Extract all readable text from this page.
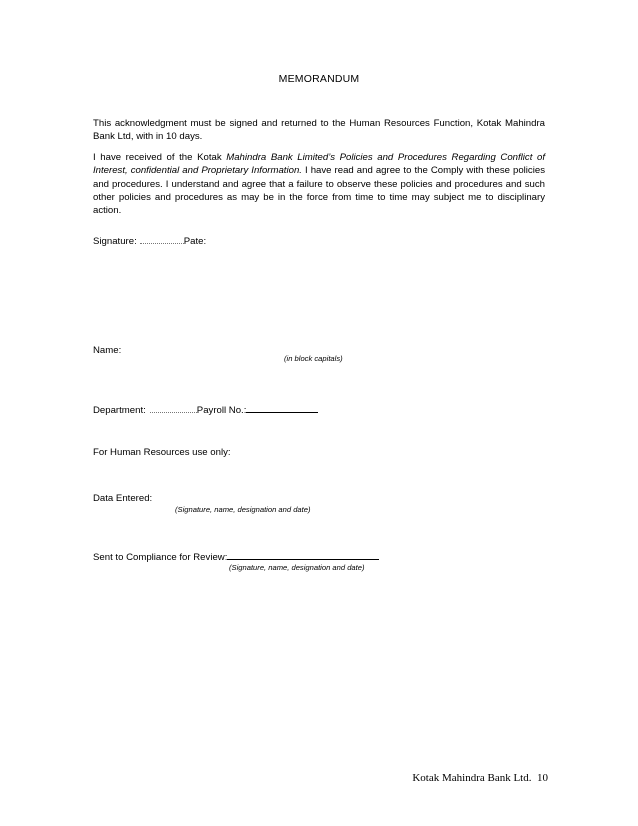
MEMORANDUM
This acknowledgment must be signed and returned to the Human Resources Function, Kotak Mahindra Bank Ltd, with in 10 days.
I have received of the Kotak Mahindra Bank Limited’s Policies and Procedures Regarding Conflict of Interest, confidential and Proprietary Information. I have read and agree to the Comply with these policies and procedures. I understand and agree that a failure to observe these policies and procedures and such other policies and procedures as may be in the force from time to time may subject me to disciplinary action.
Signature:	Pate:
Name:
(in block capitals)
Department:	Payroll No.:
For Human Resources use only:
Data Entered:
(Signature, name, designation and date)
Sent to Compliance for Review:
(Signature, name, designation and date)
Kotak Mahindra Bank Ltd. 10
